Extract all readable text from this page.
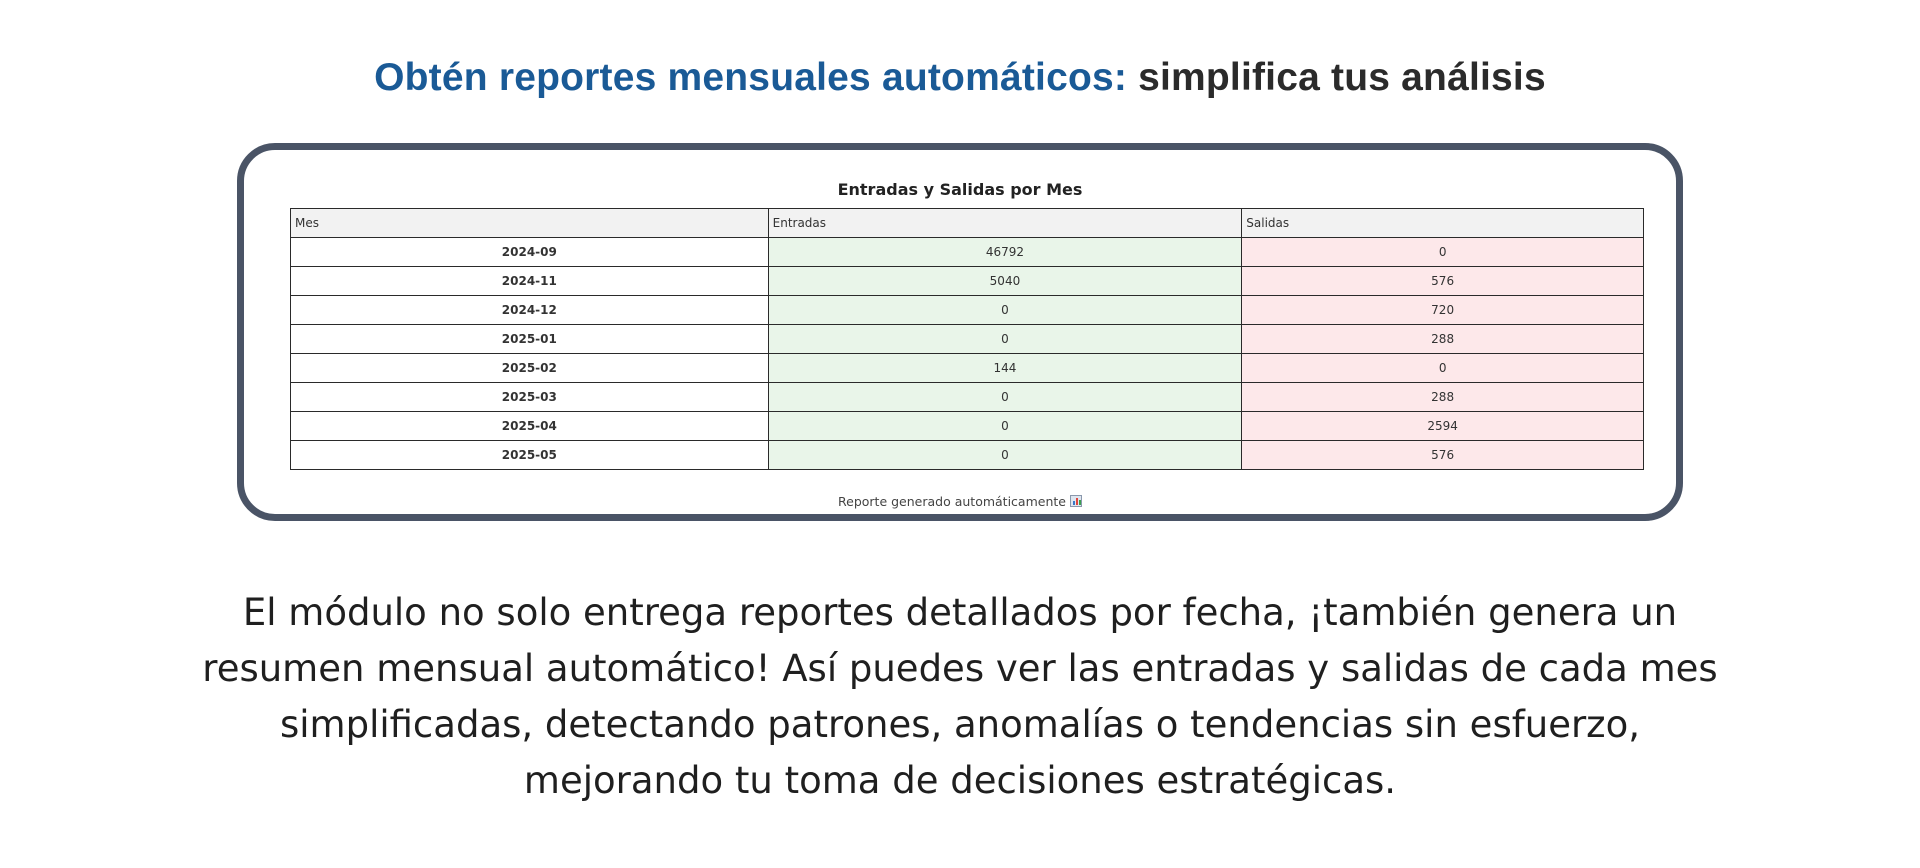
Obtén reportes mensuales automáticos: simplifica tus análisis
Entradas y Salidas por Mes
Mes	Entradas	Salidas
2024-09	46792	0
2024-11	5040	576
2024-12	0	720
2025-01	0	288
2025-02	144	0
2025-03	0	288
2025-04	0	2594
2025-05	0	576
Reporte generado automáticamente

El módulo no solo entrega reportes detallados por fecha, ¡también genera un resumen mensual automático! Así puedes ver las entradas y salidas de cada mes simplificadas, detectando patrones, anomalías o tendencias sin esfuerzo, mejorando tu toma de decisiones estratégicas.
